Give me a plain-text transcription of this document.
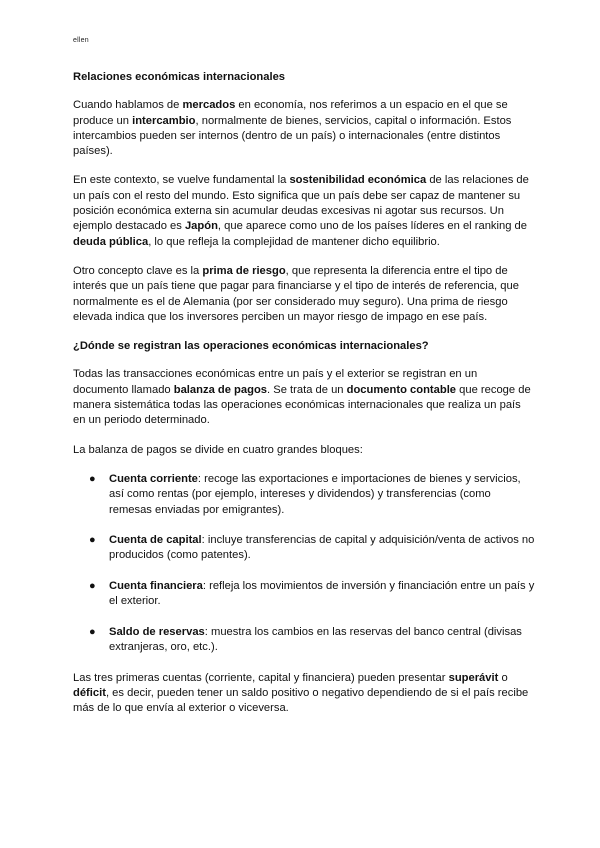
ellen
Relaciones económicas internacionales

Cuando hablamos de mercados en economía, nos referimos a un espacio en el que se produce un intercambio, normalmente de bienes, servicios, capital o información. Estos intercambios pueden ser internos (dentro de un país) o internacionales (entre distintos países).

En este contexto, se vuelve fundamental la sostenibilidad económica de las relaciones de un país con el resto del mundo. Esto significa que un país debe ser capaz de mantener su posición económica externa sin acumular deudas excesivas ni agotar sus recursos. Un ejemplo destacado es Japón, que aparece como uno de los países líderes en el ranking de deuda pública, lo que refleja la complejidad de mantener dicho equilibrio.

Otro concepto clave es la prima de riesgo, que representa la diferencia entre el tipo de interés que un país tiene que pagar para financiarse y el tipo de interés de referencia, que normalmente es el de Alemania (por ser considerado muy seguro). Una prima de riesgo elevada indica que los inversores perciben un mayor riesgo de impago en ese país.

¿Dónde se registran las operaciones económicas internacionales?

Todas las transacciones económicas entre un país y el exterior se registran en un documento llamado balanza de pagos. Se trata de un documento contable que recoge de manera sistemática todas las operaciones económicas internacionales que realiza un país en un periodo determinado.

La balanza de pagos se divide en cuatro grandes bloques:

● Cuenta corriente: recoge las exportaciones e importaciones de bienes y servicios, así como rentas (por ejemplo, intereses y dividendos) y transferencias (como remesas enviadas por emigrantes).
● Cuenta de capital: incluye transferencias de capital y adquisición/venta de activos no producidos (como patentes).
● Cuenta financiera: refleja los movimientos de inversión y financiación entre un país y el exterior.
● Saldo de reservas: muestra los cambios en las reservas del banco central (divisas extranjeras, oro, etc.).

Las tres primeras cuentas (corriente, capital y financiera) pueden presentar superávit o déficit, es decir, pueden tener un saldo positivo o negativo dependiendo de si el país recibe más de lo que envía al exterior o viceversa.
